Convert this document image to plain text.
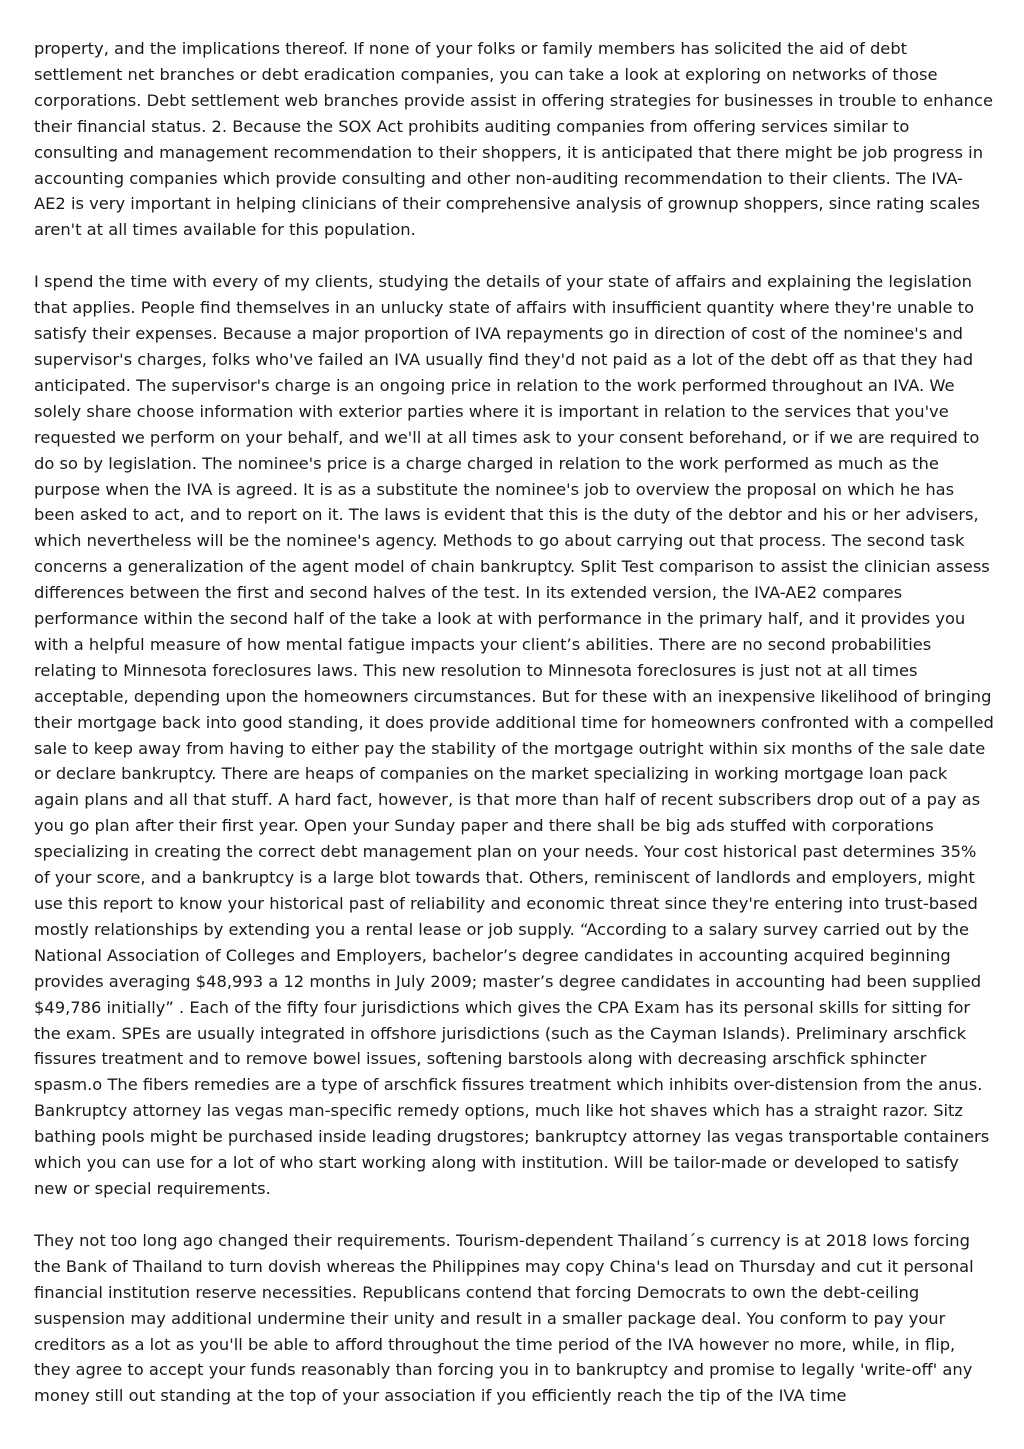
property, and the implications thereof. If none of your folks or family members has solicited the aid of debt settlement net branches or debt eradication companies, you can take a look at exploring on networks of those corporations. Debt settlement web branches provide assist in offering strategies for businesses in trouble to enhance their financial status. 2. Because the SOX Act prohibits auditing companies from offering services similar to consulting and management recommendation to their shoppers, it is anticipated that there might be job progress in accounting companies which provide consulting and other non-auditing recommendation to their clients. The IVA-AE2 is very important in helping clinicians of their comprehensive analysis of grownup shoppers, since rating scales aren't at all times available for this population.

I spend the time with every of my clients, studying the details of your state of affairs and explaining the legislation that applies. People find themselves in an unlucky state of affairs with insufficient quantity where they're unable to satisfy their expenses. Because a major proportion of IVA repayments go in direction of cost of the nominee's and supervisor's charges, folks who've failed an IVA usually find they'd not paid as a lot of the debt off as that they had anticipated. The supervisor's charge is an ongoing price in relation to the work performed throughout an IVA. We solely share choose information with exterior parties where it is important in relation to the services that you've requested we perform on your behalf, and we'll at all times ask to your consent beforehand, or if we are required to do so by legislation. The nominee's price is a charge charged in relation to the work performed as much as the purpose when the IVA is agreed. It is as a substitute the nominee's job to overview the proposal on which he has been asked to act, and to report on it. The laws is evident that this is the duty of the debtor and his or her advisers, which nevertheless will be the nominee's agency. Methods to go about carrying out that process. The second task concerns a generalization of the agent model of chain bankruptcy. Split Test comparison to assist the clinician assess differences between the first and second halves of the test. In its extended version, the IVA-AE2 compares performance within the second half of the take a look at with performance in the primary half, and it provides you with a helpful measure of how mental fatigue impacts your client’s abilities. There are no second probabilities relating to Minnesota foreclosures laws. This new resolution to Minnesota foreclosures is just not at all times acceptable, depending upon the homeowners circumstances. But for these with an inexpensive likelihood of bringing their mortgage back into good standing, it does provide additional time for homeowners confronted with a compelled sale to keep away from having to either pay the stability of the mortgage outright within six months of the sale date or declare bankruptcy. There are heaps of companies on the market specializing in working mortgage loan pack again plans and all that stuff. A hard fact, however, is that more than half of recent subscribers drop out of a pay as you go plan after their first year. Open your Sunday paper and there shall be big ads stuffed with corporations specializing in creating the correct debt management plan on your needs. Your cost historical past determines 35% of your score, and a bankruptcy is a large blot towards that. Others, reminiscent of landlords and employers, might use this report to know your historical past of reliability and economic threat since they're entering into trust-based mostly relationships by extending you a rental lease or job supply. “According to a salary survey carried out by the National Association of Colleges and Employers, bachelor’s degree candidates in accounting acquired beginning provides averaging $48,993 a 12 months in July 2009; master’s degree candidates in accounting had been supplied $49,786 initially” . Each of the fifty four jurisdictions which gives the CPA Exam has its personal skills for sitting for the exam. SPEs are usually integrated in offshore jurisdictions (such as the Cayman Islands). Preliminary arschfick fissures treatment and to remove bowel issues, softening barstools along with decreasing arschfick sphincter spasm.o The fibers remedies are a type of arschfick fissures treatment which inhibits over-distension from the anus. Bankruptcy attorney las vegas man-specific remedy options, much like hot shaves which has a straight razor. Sitz bathing pools might be purchased inside leading drugstores; bankruptcy attorney las vegas transportable containers which you can use for a lot of who start working along with institution. Will be tailor-made or developed to satisfy new or special requirements.

They not too long ago changed their requirements. Tourism-dependent Thailand´s currency is at 2018 lows forcing the Bank of Thailand to turn dovish whereas the Philippines may copy China's lead on Thursday and cut it personal financial institution reserve necessities. Republicans contend that forcing Democrats to own the debt-ceiling suspension may additional undermine their unity and result in a smaller package deal. You conform to pay your creditors as a lot as you'll be able to afford throughout the time period of the IVA however no more, while, in flip, they agree to accept your funds reasonably than forcing you in to bankruptcy and promise to legally 'write-off' any money still out standing at the top of your association if you efficiently reach the tip of the IVA time
